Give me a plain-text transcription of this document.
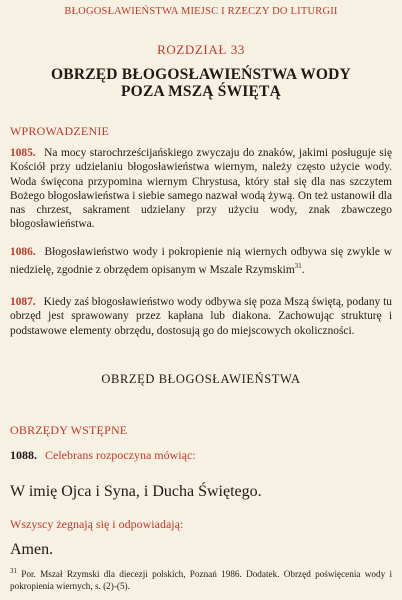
BŁOGOSŁAWIEŃSTWA MIEJSC I RZECZY DO LITURGII
ROZDZIAŁ 33
OBRZĘD BŁOGOSŁAWIEŃSTWA WODY
POZA MSZĄ ŚWIĘTĄ
WPROWADZENIE
1085. Na mocy starochrześcijańskiego zwyczaju do znaków, jakimi posługuje się Kościół przy udzielaniu błogosławieństwa wiernym, należy często użycie wody. Woda święcona przypomina wiernym Chrystusa, który stał się dla nas szczytem Bożego błogosławieństwa i siebie samego nazwał wodą żywą. On też ustanowił dla nas chrzest, sakrament udzielany przy użyciu wody, znak zbawczego błogosławieństwa.
1086. Błogosławieństwo wody i pokropienie nią wiernych odbywa się zwykle w niedzielę, zgodnie z obrzędem opisanym w Mszale Rzymskim$^{31}$.
1087. Kiedy zaś błogosławieństwo wody odbywa się poza Mszą świętą, podany tu obrzęd jest sprawowany przez kapłana lub diakona. Zachowując strukturę i podstawowe elementy obrzędu, dostosują go do miejscowych okoliczności.
OBRZĘD BŁOGOSŁAWIEŃSTWA
OBRZĘDY WSTĘPNE
1088. Celebrans rozpoczyna mówiąc:
W imię Ojca i Syna, i Ducha Świętego.
Wszyscy żegnają się i odpowiadają:
Amen.
$^{31}$ Por. Mszał Rzymski dla diecezji polskich, Poznań 1986. Dodatek. Obrzęd poświęcenia wody i pokropienia wiernych, s. (2)-(5).
